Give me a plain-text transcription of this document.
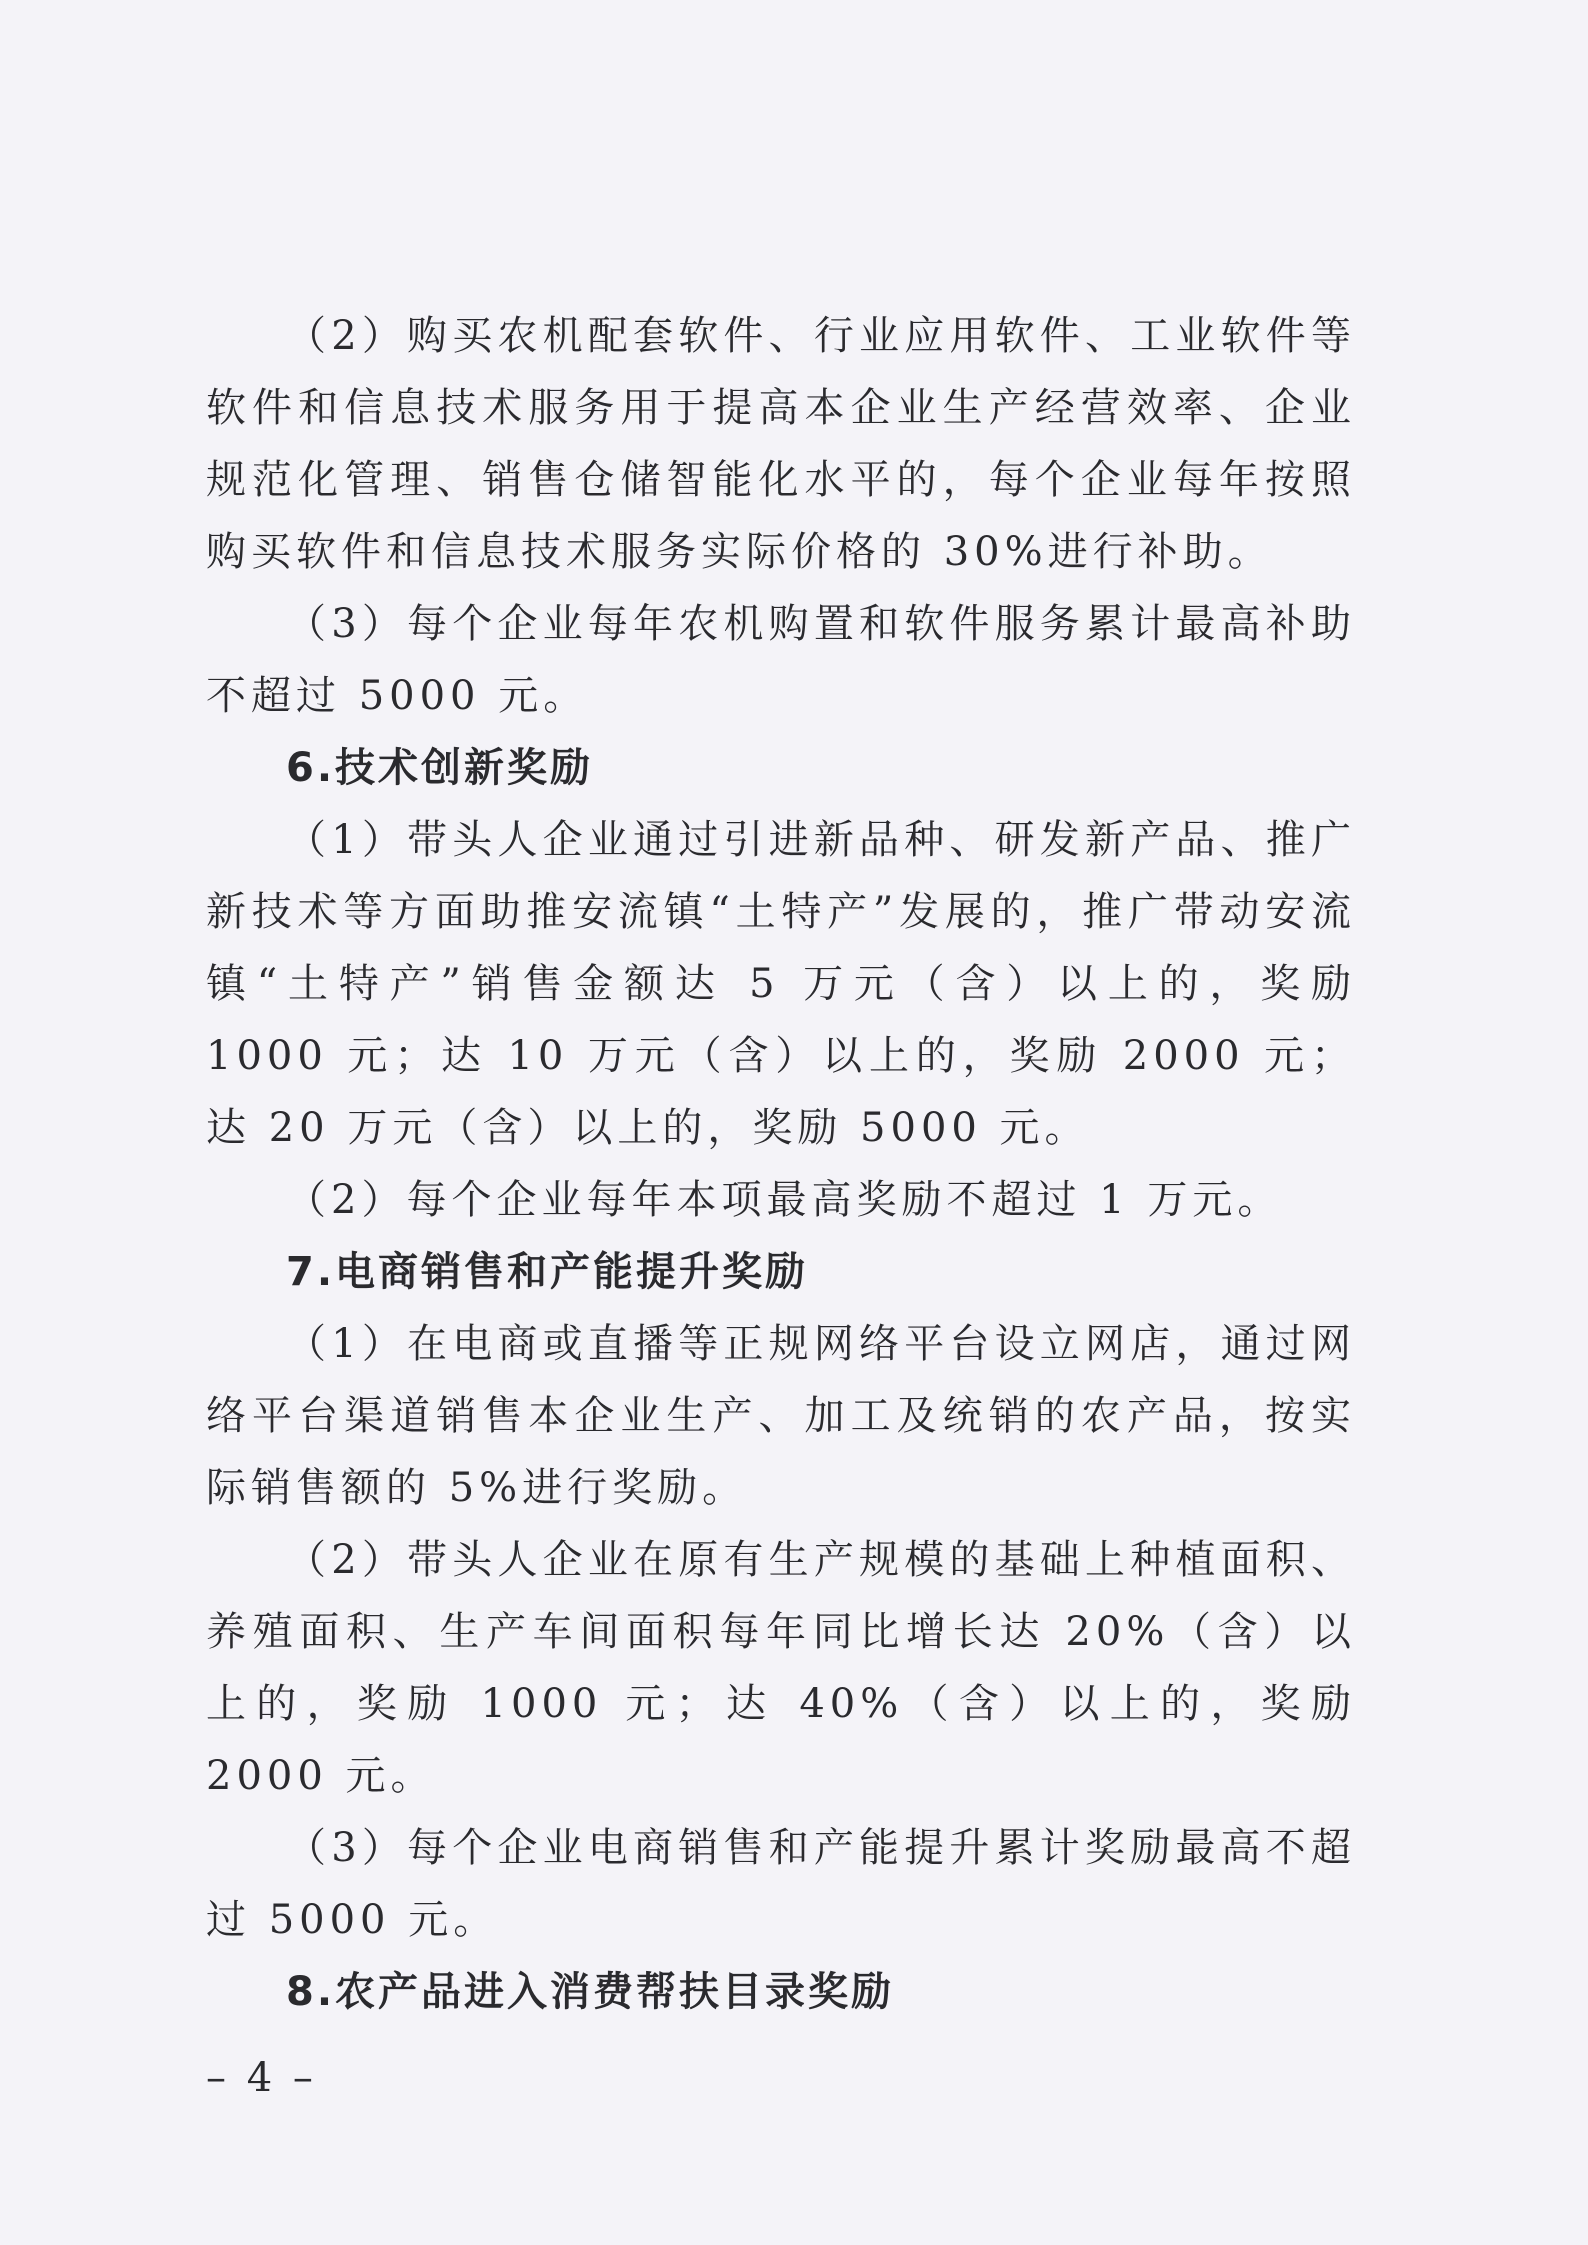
（2）购买农机配套软件、行业应用软件、工业软件等软件和信息技术服务用于提高本企业生产经营效率、企业规范化管理、销售仓储智能化水平的，每个企业每年按照购买软件和信息技术服务实际价格的 30%进行补助。

（3）每个企业每年农机购置和软件服务累计最高补助不超过 5000 元。

6.技术创新奖励

（1）带头人企业通过引进新品种、研发新产品、推广新技术等方面助推安流镇“土特产”发展的，推广带动安流镇“土特产”销售金额达 5 万元（含）以上的，奖励 1000 元；达 10 万元（含）以上的，奖励 2000 元；达 20 万元（含）以上的，奖励 5000 元。

（2）每个企业每年本项最高奖励不超过 1 万元。

7.电商销售和产能提升奖励

（1）在电商或直播等正规网络平台设立网店，通过网络平台渠道销售本企业生产、加工及统销的农产品，按实际销售额的 5%进行奖励。

（2）带头人企业在原有生产规模的基础上种植面积、养殖面积、生产车间面积每年同比增长达 20%（含）以上的，奖励 1000 元；达 40%（含）以上的，奖励 2000 元。

（3）每个企业电商销售和产能提升累计奖励最高不超过 5000 元。

8.农产品进入消费帮扶目录奖励

– 4 –
